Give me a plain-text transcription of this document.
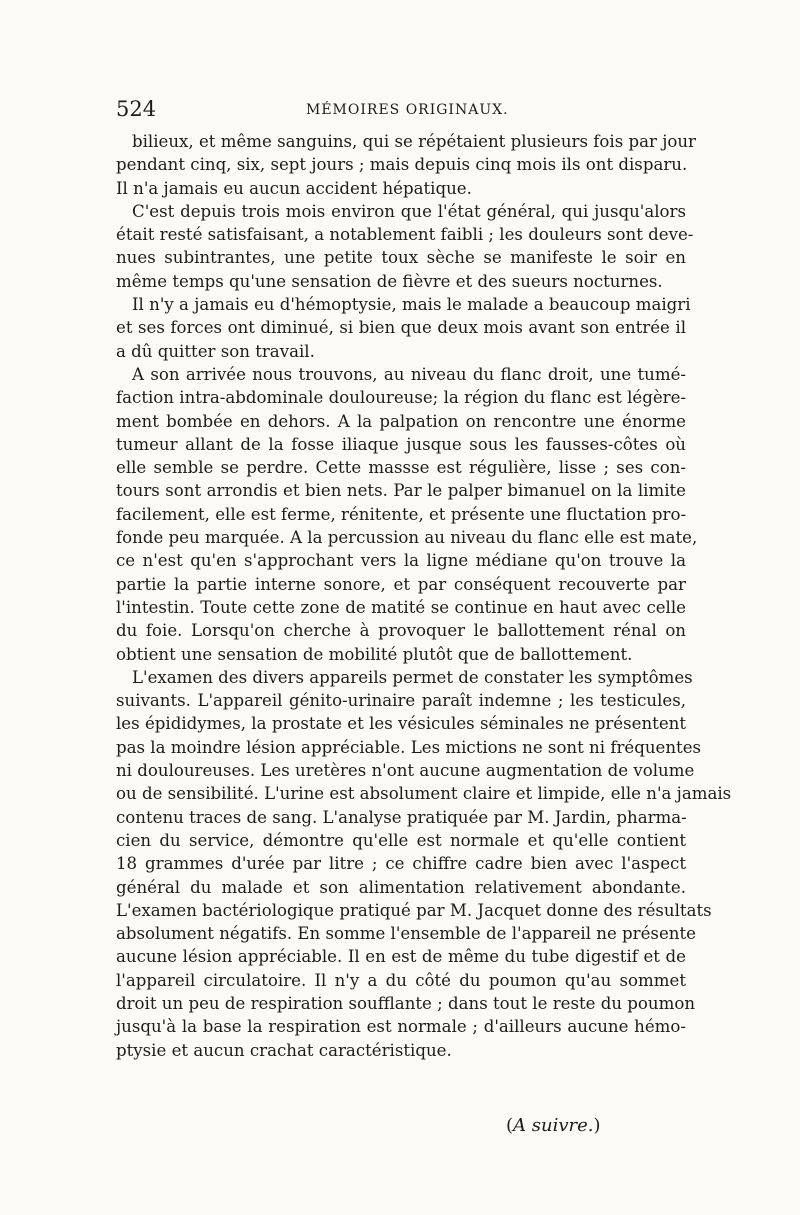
524	MÉMOIRES ORIGINAUX.
bilieux, et même sanguins, qui se répétaient plusieurs fois par jour
pendant cinq, six, sept jours ; mais depuis cinq mois ils ont disparu.
Il n'a jamais eu aucun accident hépatique.
C'est depuis trois mois environ que l'état général, qui jusqu'alors
était resté satisfaisant, a notablement faibli ; les douleurs sont deve-
nues subintrantes, une petite toux sèche se manifeste le soir en
même temps qu'une sensation de fièvre et des sueurs nocturnes.
Il n'y a jamais eu d'hémoptysie, mais le malade a beaucoup maigri
et ses forces ont diminué, si bien que deux mois avant son entrée il
a dû quitter son travail.
A son arrivée nous trouvons, au niveau du flanc droit, une tumé-
faction intra-abdominale douloureuse; la région du flanc est légère-
ment bombée en dehors. A la palpation on rencontre une énorme
tumeur allant de la fosse iliaque jusque sous les fausses-côtes où
elle semble se perdre. Cette massse est régulière, lisse ; ses con-
tours sont arrondis et bien nets. Par le palper bimanuel on la limite
facilement, elle est ferme, rénitente, et présente une fluctation pro-
fonde peu marquée. A la percussion au niveau du flanc elle est mate,
ce n'est qu'en s'approchant vers la ligne médiane qu'on trouve la
partie la partie interne sonore, et par conséquent recouverte par
l'intestin. Toute cette zone de matité se continue en haut avec celle
du foie. Lorsqu'on cherche à provoquer le ballottement rénal on
obtient une sensation de mobilité plutôt que de ballottement.
L'examen des divers appareils permet de constater les symptômes
suivants. L'appareil génito-urinaire paraît indemne ; les testicules,
les épididymes, la prostate et les vésicules séminales ne présentent
pas la moindre lésion appréciable. Les mictions ne sont ni fréquentes
ni douloureuses. Les uretères n'ont aucune augmentation de volume
ou de sensibilité. L'urine est absolument claire et limpide, elle n'a jamais
contenu traces de sang. L'analyse pratiquée par M. Jardin, pharma-
cien du service, démontre qu'elle est normale et qu'elle contient
18 grammes d'urée par litre ; ce chiffre cadre bien avec l'aspect
général du malade et son alimentation relativement abondante.
L'examen bactériologique pratiqué par M. Jacquet donne des résultats
absolument négatifs. En somme l'ensemble de l'appareil ne présente
aucune lésion appréciable. Il en est de même du tube digestif et de
l'appareil circulatoire. Il n'y a du côté du poumon qu'au sommet
droit un peu de respiration soufflante ; dans tout le reste du poumon
jusqu'à la base la respiration est normale ; d'ailleurs aucune hémo-
ptysie et aucun crachat caractéristique.
(A suivre.)
